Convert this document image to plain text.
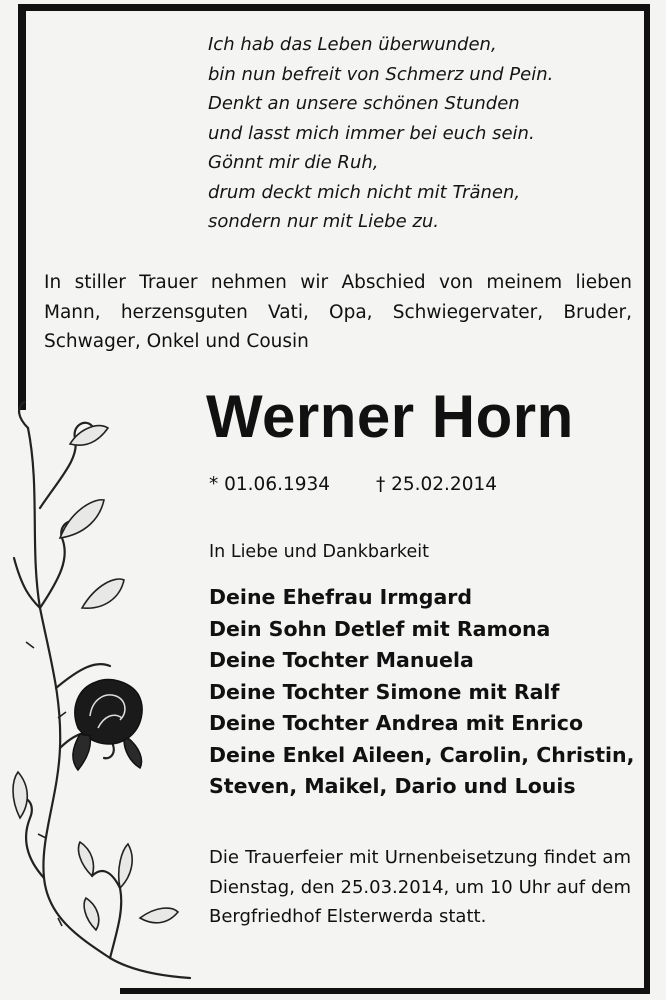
Ich hab das Leben überwunden,
bin nun befreit von Schmerz und Pein.
Denkt an unsere schönen Stunden
und lasst mich immer bei euch sein.
Gönnt mir die Ruh,
drum deckt mich nicht mit Tränen,
sondern nur mit Liebe zu.
In stiller Trauer nehmen wir Abschied von meinem lieben Mann, herzensguten Vati, Opa, Schwiegervater, Bruder, Schwager, Onkel und Cousin
Werner Horn
* 01.06.1934 † 25.02.2014
In Liebe und Dankbarkeit
Deine Ehefrau Irmgard
Dein Sohn Detlef mit Ramona
Deine Tochter Manuela
Deine Tochter Simone mit Ralf
Deine Tochter Andrea mit Enrico
Deine Enkel Aileen, Carolin, Christin,
Steven, Maikel, Dario und Louis
Die Trauerfeier mit Urnenbeisetzung findet am Dienstag, den 25.03.2014, um 10 Uhr auf dem Bergfriedhof Elsterwerda statt.
